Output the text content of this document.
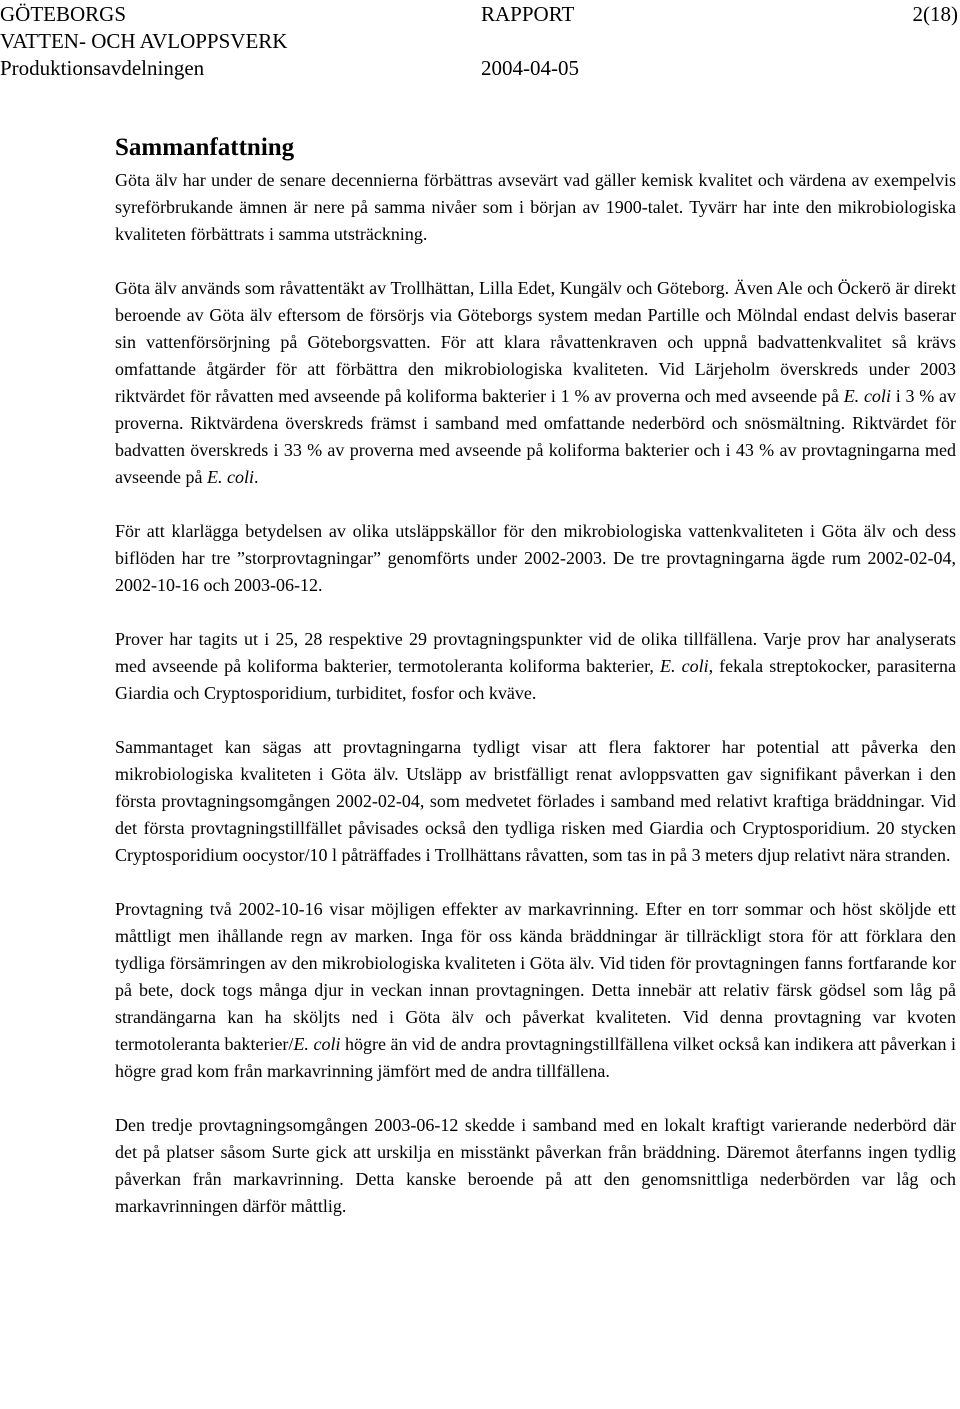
GÖTEBORGS	RAPPORT	2(18)
VATTEN- OCH AVLOPPSVERK
Produktionsavdelningen	2004-04-05
Sammanfattning

Göta älv har under de senare decennierna förbättras avsevärt vad gäller kemisk kvalitet och värdena av exempelvis syreförbrukande ämnen är nere på samma nivåer som i början av 1900-talet. Tyvärr har inte den mikrobiologiska kvaliteten förbättrats i samma utsträckning.

Göta älv används som råvattentäkt av Trollhättan, Lilla Edet, Kungälv och Göteborg. Även Ale och Öckerö är direkt beroende av Göta älv eftersom de försörjs via Göteborgs system medan Partille och Mölndal endast delvis baserar sin vattenförsörjning på Göteborgsvatten. För att klara råvattenkraven och uppnå badvattenkvalitet så krävs omfattande åtgärder för att förbättra den mikrobiologiska kvaliteten. Vid Lärjeholm överskreds under 2003 riktvärdet för råvatten med avseende på koliforma bakterier i 1 % av proverna och med avseende på E. coli i 3 % av proverna. Riktvärdena överskreds främst i samband med omfattande nederbörd och snösmältning. Riktvärdet för badvatten överskreds i 33 % av proverna med avseende på koliforma bakterier och i 43 % av provtagningarna med avseende på E. coli.

För att klarlägga betydelsen av olika utsläppskällor för den mikrobiologiska vattenkvaliteten i Göta älv och dess biflöden har tre ”storprovtagningar” genomförts under 2002-2003. De tre provtagningarna ägde rum 2002-02-04, 2002-10-16 och 2003-06-12.

Prover har tagits ut i 25, 28 respektive 29 provtagningspunkter vid de olika tillfällena. Varje prov har analyserats med avseende på koliforma bakterier, termotoleranta koliforma bakterier, E. coli, fekala streptokocker, parasiterna Giardia och Cryptosporidium, turbiditet, fosfor och kväve.

Sammantaget kan sägas att provtagningarna tydligt visar att flera faktorer har potential att påverka den mikrobiologiska kvaliteten i Göta älv. Utsläpp av bristfälligt renat avloppsvatten gav signifikant påverkan i den första provtagningsomgången 2002-02-04, som medvetet förlades i samband med relativt kraftiga bräddningar. Vid det första provtagningstillfället påvisades också den tydliga risken med Giardia och Cryptosporidium. 20 stycken Cryptosporidium oocystor/10 l påträffades i Trollhättans råvatten, som tas in på 3 meters djup relativt nära stranden.

Provtagning två 2002-10-16 visar möjligen effekter av markavrinning. Efter en torr sommar och höst sköljde ett måttligt men ihållande regn av marken. Inga för oss kända bräddningar är tillräckligt stora för att förklara den tydliga försämringen av den mikrobiologiska kvaliteten i Göta älv. Vid tiden för provtagningen fanns fortfarande kor på bete, dock togs många djur in veckan innan provtagningen. Detta innebär att relativ färsk gödsel som låg på strandängarna kan ha sköljts ned i Göta älv och påverkat kvaliteten. Vid denna provtagning var kvoten termotoleranta bakterier/E. coli högre än vid de andra provtagningstillfällena vilket också kan indikera att påverkan i högre grad kom från markavrinning jämfört med de andra tillfällena.

Den tredje provtagningsomgången 2003-06-12 skedde i samband med en lokalt kraftigt varierande nederbörd där det på platser såsom Surte gick att urskilja en misstänkt påverkan från bräddning. Däremot återfanns ingen tydlig påverkan från markavrinning. Detta kanske beroende på att den genomsnittliga nederbörden var låg och markavrinningen därför måttlig.
